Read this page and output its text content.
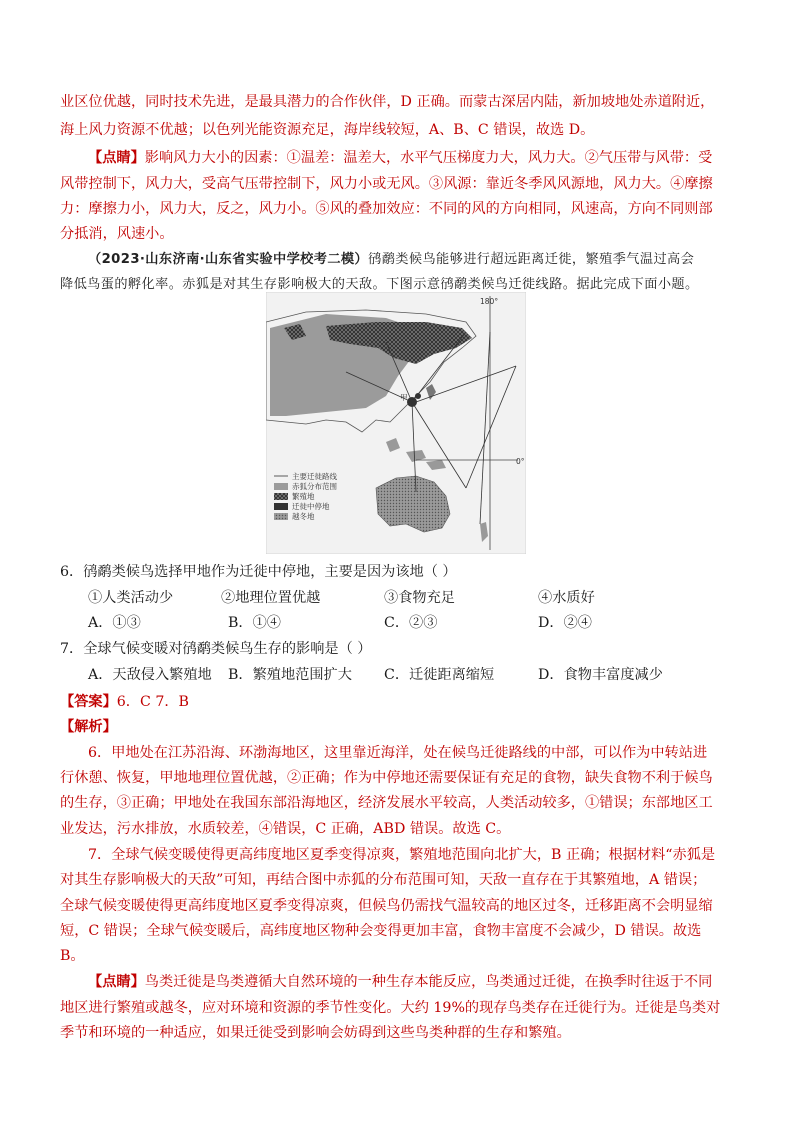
业区位优越，同时技术先进，是最具潜力的合作伙伴，D 正确。而蒙古深居内陆，新加坡地处赤道附近，
海上风力资源不优越；以色列光能资源充足，海岸线较短，A、B、C 错误，故选 D。
【点睛】影响风力大小的因素：①温差：温差大，水平气压梯度力大，风力大。②气压带与风带：受
风带控制下，风力大，受高气压带控制下，风力小或无风。③风源：靠近冬季风风源地，风力大。④摩擦
力：摩擦力小，风力大，反之，风力小。⑤风的叠加效应：不同的风的方向相同，风速高，方向不同则部
分抵消，风速小。
（2023·山东济南·山东省实验中学校考二模）鸻鹬类候鸟能够进行超远距离迁徙，繁殖季气温过高会
降低鸟蛋的孵化率。赤狐是对其生存影响极大的天敌。下图示意鸻鹬类候鸟迁徙线路。据此完成下面小题。
180°
0°
甲
主要迁徙路线
赤狐分布范围
繁殖地
迁徙中停地
越冬地
6．鸻鹬类候鸟选择甲地作为迁徙中停地，主要是因为该地（ ）
①人类活动少	②地理位置优越	③食物充足	④水质好
A．①③	B．①④	C．②③	D．②④
7．全球气候变暖对鸻鹬类候鸟生存的影响是（ ）
A．天敌侵入繁殖地 B．繁殖地范围扩大 C．迁徙距离缩短	D．食物丰富度减少
【答案】6．C 7．B
【解析】
6．甲地处在江苏沿海、环渤海地区，这里靠近海洋，处在候鸟迁徙路线的中部，可以作为中转站进
行休憩、恢复，甲地地理位置优越，②正确；作为中停地还需要保证有充足的食物，缺失食物不利于候鸟
的生存，③正确；甲地处在我国东部沿海地区，经济发展水平较高，人类活动较多，①错误；东部地区工
业发达，污水排放，水质较差，④错误，C 正确，ABD 错误。故选 C。
7．全球气候变暖使得更高纬度地区夏季变得凉爽，繁殖地范围向北扩大，B 正确；根据材料“赤狐是
对其生存影响极大的天敌”可知，再结合图中赤狐的分布范围可知，天敌一直存在于其繁殖地，A 错误；
全球气候变暖使得更高纬度地区夏季变得凉爽，但候鸟仍需找气温较高的地区过冬，迁移距离不会明显缩
短，C 错误；全球气候变暖后，高纬度地区物种会变得更加丰富，食物丰富度不会减少，D 错误。故选
B。
【点睛】鸟类迁徙是鸟类遵循大自然环境的一种生存本能反应，鸟类通过迁徙，在换季时往返于不同
地区进行繁殖或越冬，应对环境和资源的季节性变化。大约 19%的现存鸟类存在迁徙行为。迁徙是鸟类对
季节和环境的一种适应，如果迁徙受到影响会妨碍到这些鸟类种群的生存和繁殖。
